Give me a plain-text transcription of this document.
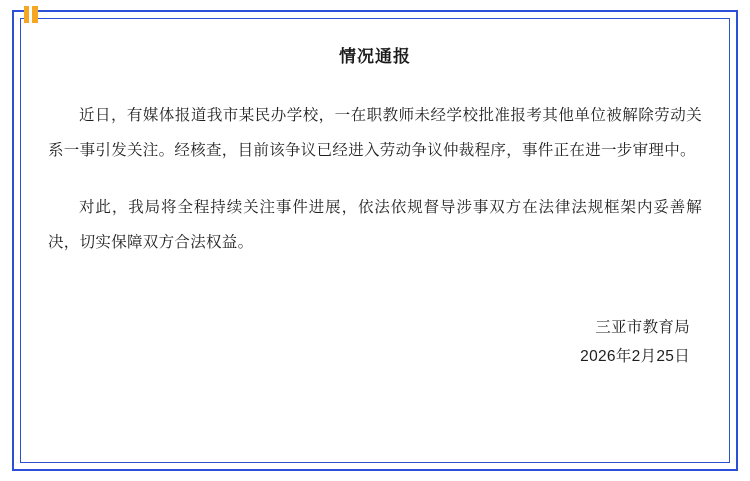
情况通报

近日，有媒体报道我市某民办学校，一在职教师未经学校批准报考其他单位被解除劳动关系一事引发关注。经核查，目前该争议已经进入劳动争议仲裁程序，事件正在进一步审理中。

对此，我局将全程持续关注事件进展，依法依规督导涉事双方在法律法规框架内妥善解决，切实保障双方合法权益。

三亚市教育局
2026年2月25日
